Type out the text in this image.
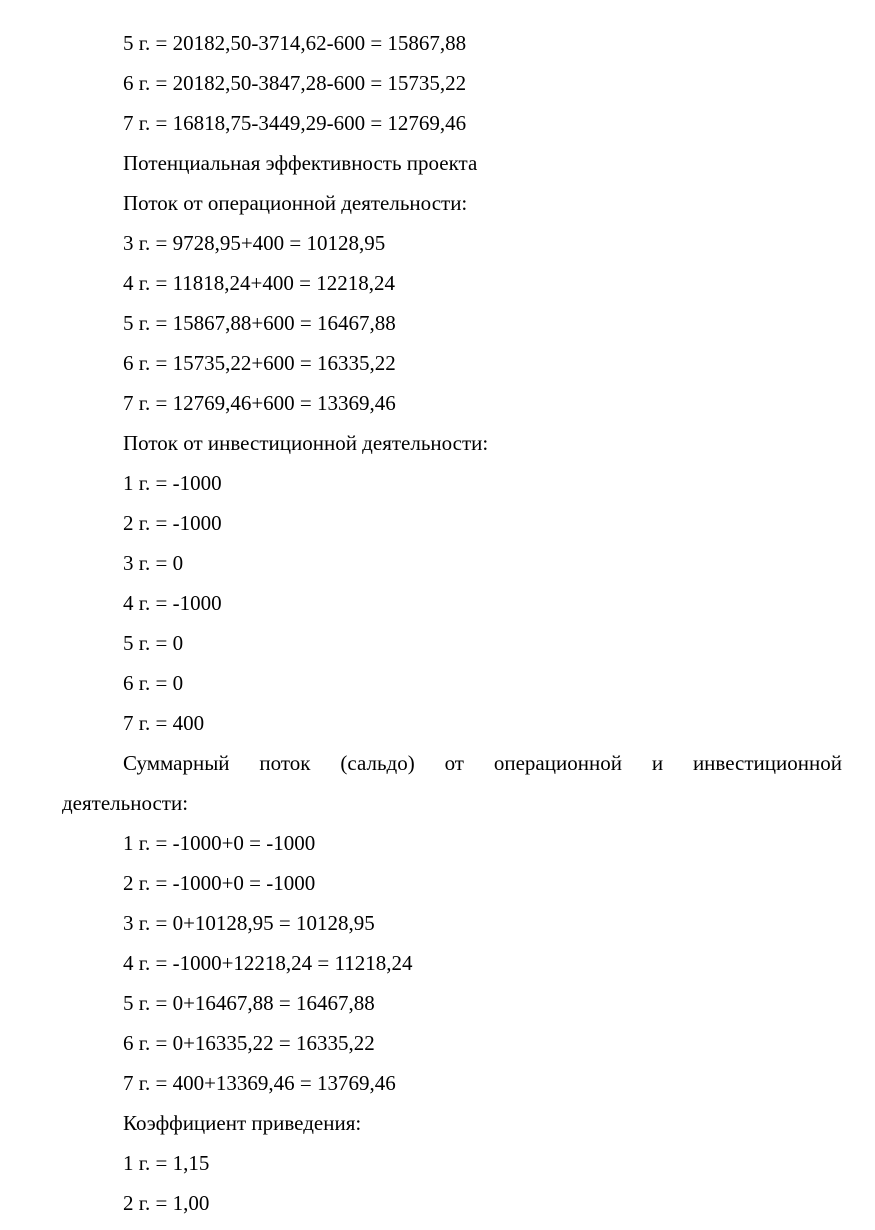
5 г. = 20182,50-3714,62-600 = 15867,88
6 г. = 20182,50-3847,28-600 = 15735,22
7 г. = 16818,75-3449,29-600 = 12769,46
Потенциальная эффективность проекта
Поток от операционной деятельности:
3 г. = 9728,95+400 = 10128,95
4 г. = 11818,24+400 = 12218,24
5 г. = 15867,88+600 = 16467,88
6 г. = 15735,22+600 = 16335,22
7 г. = 12769,46+600 = 13369,46
Поток от инвестиционной деятельности:
1 г. = -1000
2 г. = -1000
3 г. = 0
4 г. = -1000
5 г. = 0
6 г. = 0
7 г. = 400
Суммарный поток (сальдо) от операционной и инвестиционной
деятельности:
1 г. = -1000+0 = -1000
2 г. = -1000+0 = -1000
3 г. = 0+10128,95 = 10128,95
4 г. = -1000+12218,24 = 11218,24
5 г. = 0+16467,88 = 16467,88
6 г. = 0+16335,22 = 16335,22
7 г. = 400+13369,46 = 13769,46
Коэффициент приведения:
1 г. = 1,15
2 г. = 1,00
